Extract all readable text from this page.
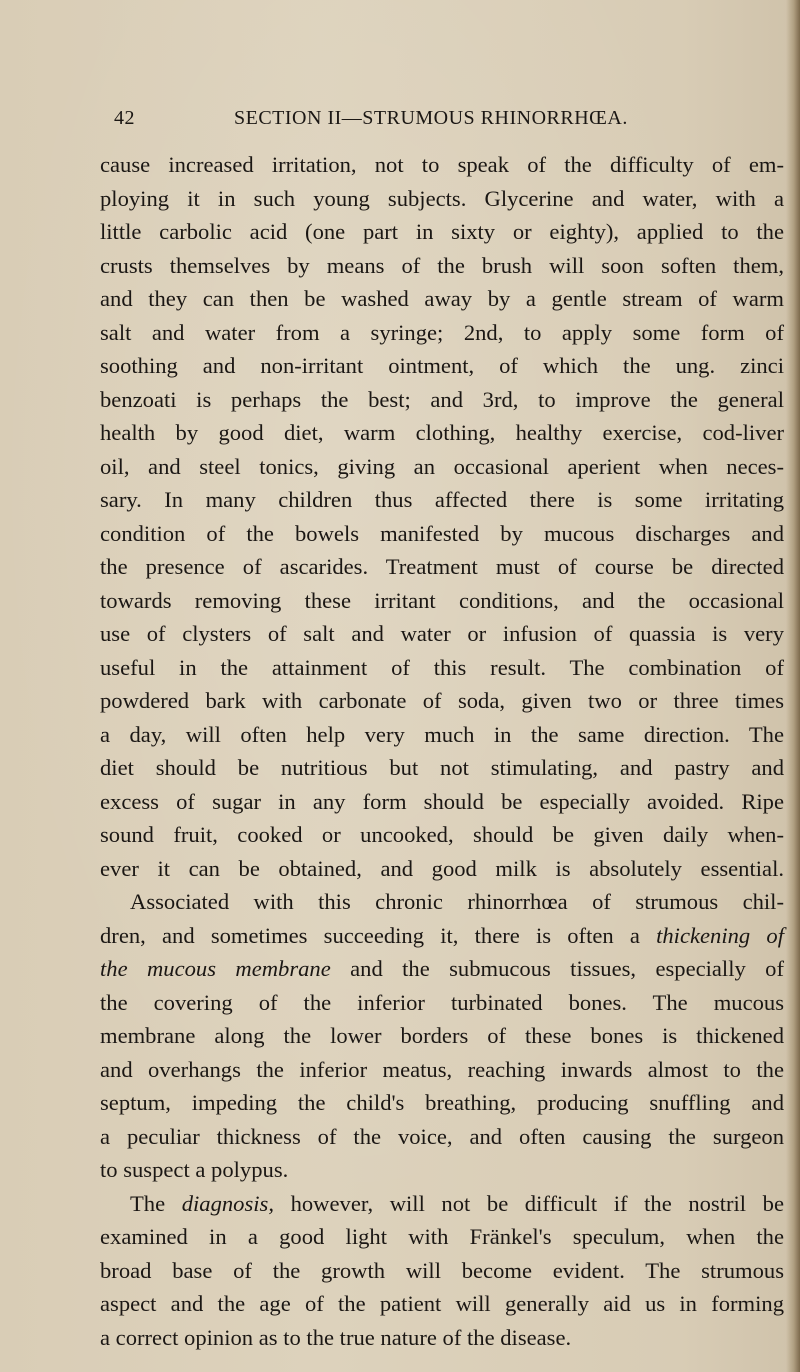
42	SECTION II—STRUMOUS RHINORRHŒA.
cause increased irritation, not to speak of the difficulty of em-
ploying it in such young subjects. Glycerine and water, with a
little carbolic acid (one part in sixty or eighty), applied to the
crusts themselves by means of the brush will soon soften them,
and they can then be washed away by a gentle stream of warm
salt and water from a syringe; 2nd, to apply some form of
soothing and non-irritant ointment, of which the ung. zinci
benzoati is perhaps the best; and 3rd, to improve the general
health by good diet, warm clothing, healthy exercise, cod-liver
oil, and steel tonics, giving an occasional aperient when neces-
sary. In many children thus affected there is some irritating
condition of the bowels manifested by mucous discharges and
the presence of ascarides. Treatment must of course be directed
towards removing these irritant conditions, and the occasional
use of clysters of salt and water or infusion of quassia is very
useful in the attainment of this result. The combination of
powdered bark with carbonate of soda, given two or three times
a day, will often help very much in the same direction. The
diet should be nutritious but not stimulating, and pastry and
excess of sugar in any form should be especially avoided. Ripe
sound fruit, cooked or uncooked, should be given daily when-
ever it can be obtained, and good milk is absolutely essential.
Associated with this chronic rhinorrhœa of strumous chil-
dren, and sometimes succeeding it, there is often a thickening of
the mucous membrane and the submucous tissues, especially of
the covering of the inferior turbinated bones. The mucous
membrane along the lower borders of these bones is thickened
and overhangs the inferior meatus, reaching inwards almost to the
septum, impeding the child's breathing, producing snuffling and
a peculiar thickness of the voice, and often causing the surgeon
to suspect a polypus.
The diagnosis, however, will not be difficult if the nostril be
examined in a good light with Fränkel's speculum, when the
broad base of the growth will become evident. The strumous
aspect and the age of the patient will generally aid us in forming
a correct opinion as to the true nature of the disease.
